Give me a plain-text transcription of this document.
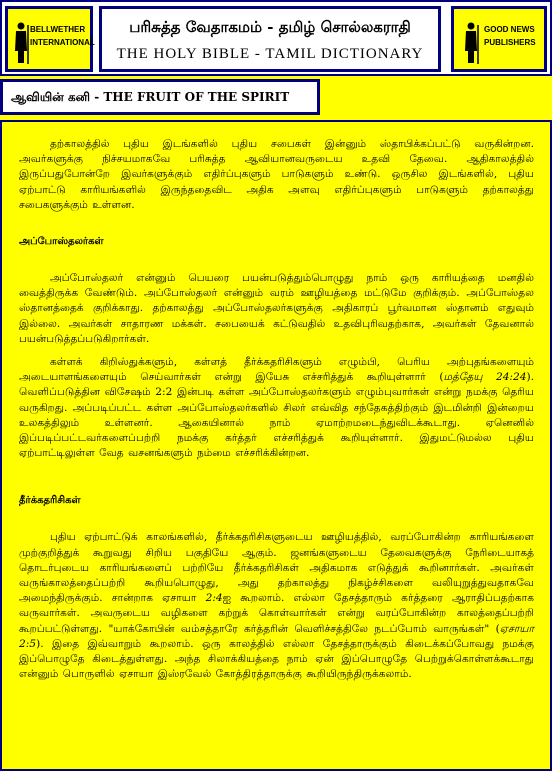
BELLWETHER INTERNATIONAL
பரிசுத்த வேதாகமம் - தமிழ் சொல்லகராதி
THE HOLY BIBLE - TAMIL DICTIONARY
GOOD NEWS PUBLISHERS
ஆவியின் கனி - THE FRUIT OF THE SPIRIT

தற்காலத்தில் புதிய இடங்களில் புதிய சபைகள் இன்னும் ஸ்தாபிக்கப்பட்டு வருகின்றன. அவர்களுக்கு நிச்சயமாகவே பரிசுத்த ஆவியானவருடைய உதவி தேவை. ஆதிகாலத்தில் இருப்பதுபோன்றே இவர்களுக்கும் எதிர்ப்புகளும் பாடுகளும் உண்டு. ஒருசில இடங்களில், புதிய ஏற்பாட்டு காரியங்களில் இருந்ததைவிட அதிக அளவு எதிர்ப்புகளும் பாடுகளும் தற்காலத்து சபைகளுக்கும் உள்ளன.

அப்போஸ்தலர்கள்

அப்போஸ்தலர் என்னும் பெயரை பயன்படுத்தும்பொழுது நாம் ஒரு காரியத்தை மனதில் வைத்திருக்க வேண்டும். அப்போஸ்தலர் என்னும் வரம் ஊழியத்தை மட்டுமே குறிக்கும். அப்போஸ்தல ஸ்தானத்தைக் குறிக்காது. தற்காலத்து அப்போஸ்தலர்களுக்கு அதிகாரப் பூர்வமான ஸ்தானம் எதுவும் இல்லை. அவர்கள் சாதாரண மக்கள். சபையைக் கட்டுவதில் உதவிபுரிவதற்காக, அவர்கள் தேவனால் பயன்படுத்தப்படுகிறார்கள்.

கள்ளக் கிறிஸ்துக்களும், கள்ளத் தீர்க்கதரிசிகளும் எழும்பி, பெரிய அற்புதங்களையும் அடையாளங்களையும் செய்வார்கள் என்று இயேசு எச்சரித்துக் கூறியுள்ளார் (மத்தேயு 24:24). வெளிப்படுத்தின விசேஷம் 2:2 இன்படி கள்ள அப்போஸ்தலர்களும் எழும்புவார்கள் என்று நமக்கு தெரிய வருகிறது. அப்படிப்பட்ட கள்ள அப்போஸ்தலர்களில் சிலர் எவ்வித சந்தேகத்திற்கும் இடமின்றி இன்றைய உலகத்திலும் உள்ளனர். ஆகையினால் நாம் ஏமாற்றமடைந்துவிடக்கூடாது. ஏனெனில் இப்படிப்பட்டவர்களைப்பற்றி நமக்கு கர்த்தர் எச்சரித்துக் கூறியுள்ளார். இதுமட்டுமல்ல புதிய ஏற்பாட்டிலுள்ள வேத வசனங்களும் நம்மை எச்சரிக்கின்றன.

தீர்க்கதரிசிகள்

புதிய ஏற்பாட்டுக் காலங்களில், தீர்க்கதரிசிகளுடைய ஊழியத்தில், வரப்போகின்ற காரியங்களை முற்குறித்துக் கூறுவது சிறிய பகுதியே ஆகும். ஜனங்களுடைய தேவைகளுக்கு நேரிடையாகத் தொடர்புடைய காரியங்களைப் பற்றியே தீர்க்கதரிசிகள் அதிகமாக எடுத்துக் கூறினார்கள். அவர்கள் வருங்காலத்தைப்பற்றி கூறியபொழுது, அது தற்காலத்து நிகழ்ச்சிகளை வலியுறுத்துவதாகவே அமைந்திருக்கும். சான்றாக ஏசாயா 2:4ஐ கூறலாம். எல்லா தேசத்தாரும் கர்த்தரை ஆராதிப்பதற்காக வருவார்கள். அவருடைய வழிகளை கற்றுக் கொள்வார்கள் என்று வரப்போகின்ற காலத்தைப்பற்றி கூறப்பட்டுள்ளது. "யாக்கோபின் வம்சத்தாரே கர்த்தரின் வெளிச்சத்திலே நடப்போம் வாருங்கள்" (ஏசாயா 2:5). இதை இவ்வாறும் கூறலாம். ஒரு காலத்தில் எல்லா தேசத்தாருக்கும் கிடைக்கப்போவது நமக்கு இப்பொழுதே கிடைத்துள்ளது. அந்த சிலாக்கியத்தை நாம் ஏன் இப்பொழுதே பெற்றுக்கொள்ளக்கூடாது என்னும் பொருளில் ஏசாயா இஸ்ரவேல் கோத்திரத்தாருக்கு கூறியிருந்திருக்கலாம்.
